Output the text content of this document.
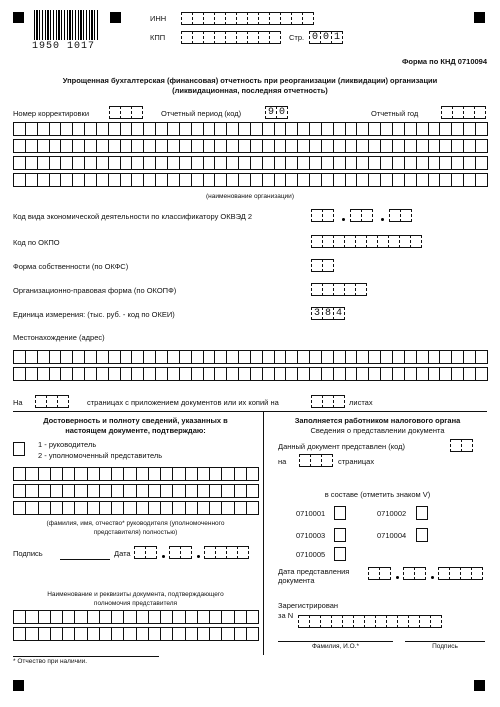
1950 1017
ИНН
КПП	Стр. 0 0 1
Форма по КНД 0710094
Упрощенная бухгалтерская (финансовая) отчетность при реорганизации (ликвидации) организации
(ликвидационная, последняя отчетность)
Номер корректировки	Отчетный период (код)	9 0	Отчетный год
(наименование организации)
Код вида экономической деятельности по классификатору ОКВЭД 2
Код по ОКПО
Форма собственности (по ОКФС)
Организационно-правовая форма (по ОКОПФ)
Единица измерения: (тыс. руб. - код по ОКЕИ)	3 8 4
Местонахождение (адрес)
На	страницах с приложением документов или их копий на	листах
Достоверность и полноту сведений, указанных в
настоящем документе, подтверждаю:
1 - руководитель
2 - уполномоченный представитель
(фамилия, имя, отчество* руководителя (уполномоченного
представителя) полностью)
Подпись	Дата
Наименование и реквизиты документа, подтверждающего
полномочия представителя
Заполняется работником налогового органа
Сведения о представлении документа
Данный документ представлен (код)
на	страницах
в составе (отметить знаком V)
0710001	0710002
0710003	0710004
0710005
Дата представления
документа
Зарегистрирован
за N
Фамилия, И.О.*	Подпись
* Отчество при наличии.
